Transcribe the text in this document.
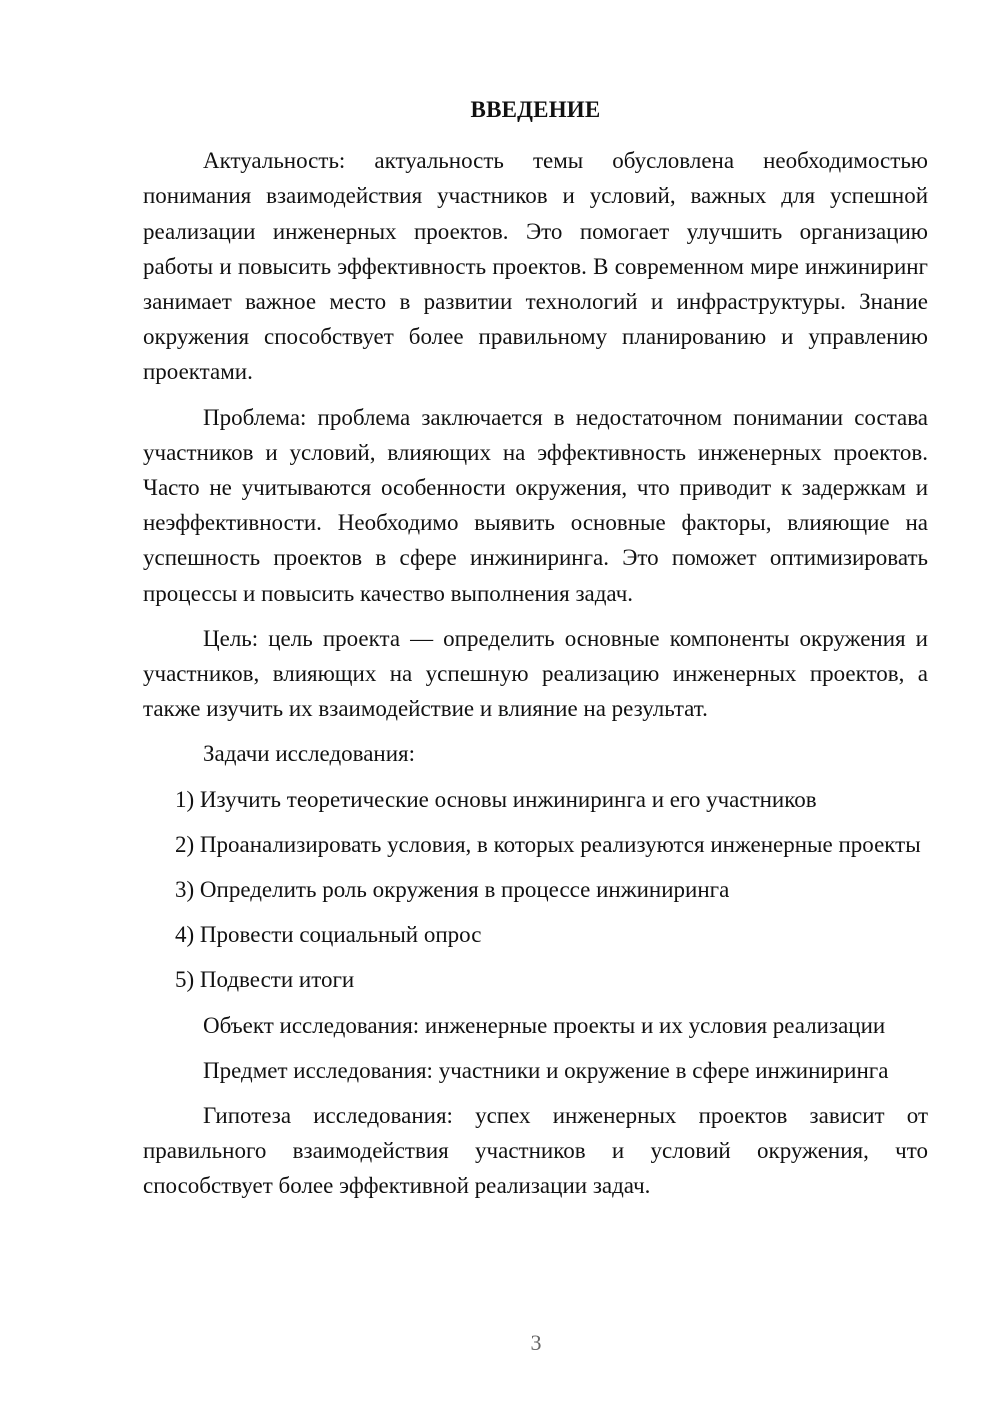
ВВЕДЕНИЕ

Актуальность: актуальность темы обусловлена необходимостью понимания взаимодействия участников и условий, важных для успешной реализации инженерных проектов. Это помогает улучшить организацию работы и повысить эффективность проектов. В современном мире инжиниринг занимает важное место в развитии технологий и инфраструктуры. Знание окружения способствует более правильному планированию и управлению проектами.

Проблема: проблема заключается в недостаточном понимании состава участников и условий, влияющих на эффективность инженерных проектов. Часто не учитываются особенности окружения, что приводит к задержкам и неэффективности. Необходимо выявить основные факторы, влияющие на успешность проектов в сфере инжиниринга. Это поможет оптимизировать процессы и повысить качество выполнения задач.

Цель: цель проекта — определить основные компоненты окружения и участников, влияющих на успешную реализацию инженерных проектов, а также изучить их взаимодействие и влияние на результат.

Задачи исследования:

1) Изучить теоретические основы инжиниринга и его участников

2) Проанализировать условия, в которых реализуются инженерные проекты

3) Определить роль окружения в процессе инжиниринга

4) Провести социальный опрос

5) Подвести итоги

Объект исследования: инженерные проекты и их условия реализации

Предмет исследования: участники и окружение в сфере инжиниринга

Гипотеза исследования: успех инженерных проектов зависит от правильного взаимодействия участников и условий окружения, что способствует более эффективной реализации задач.

3
